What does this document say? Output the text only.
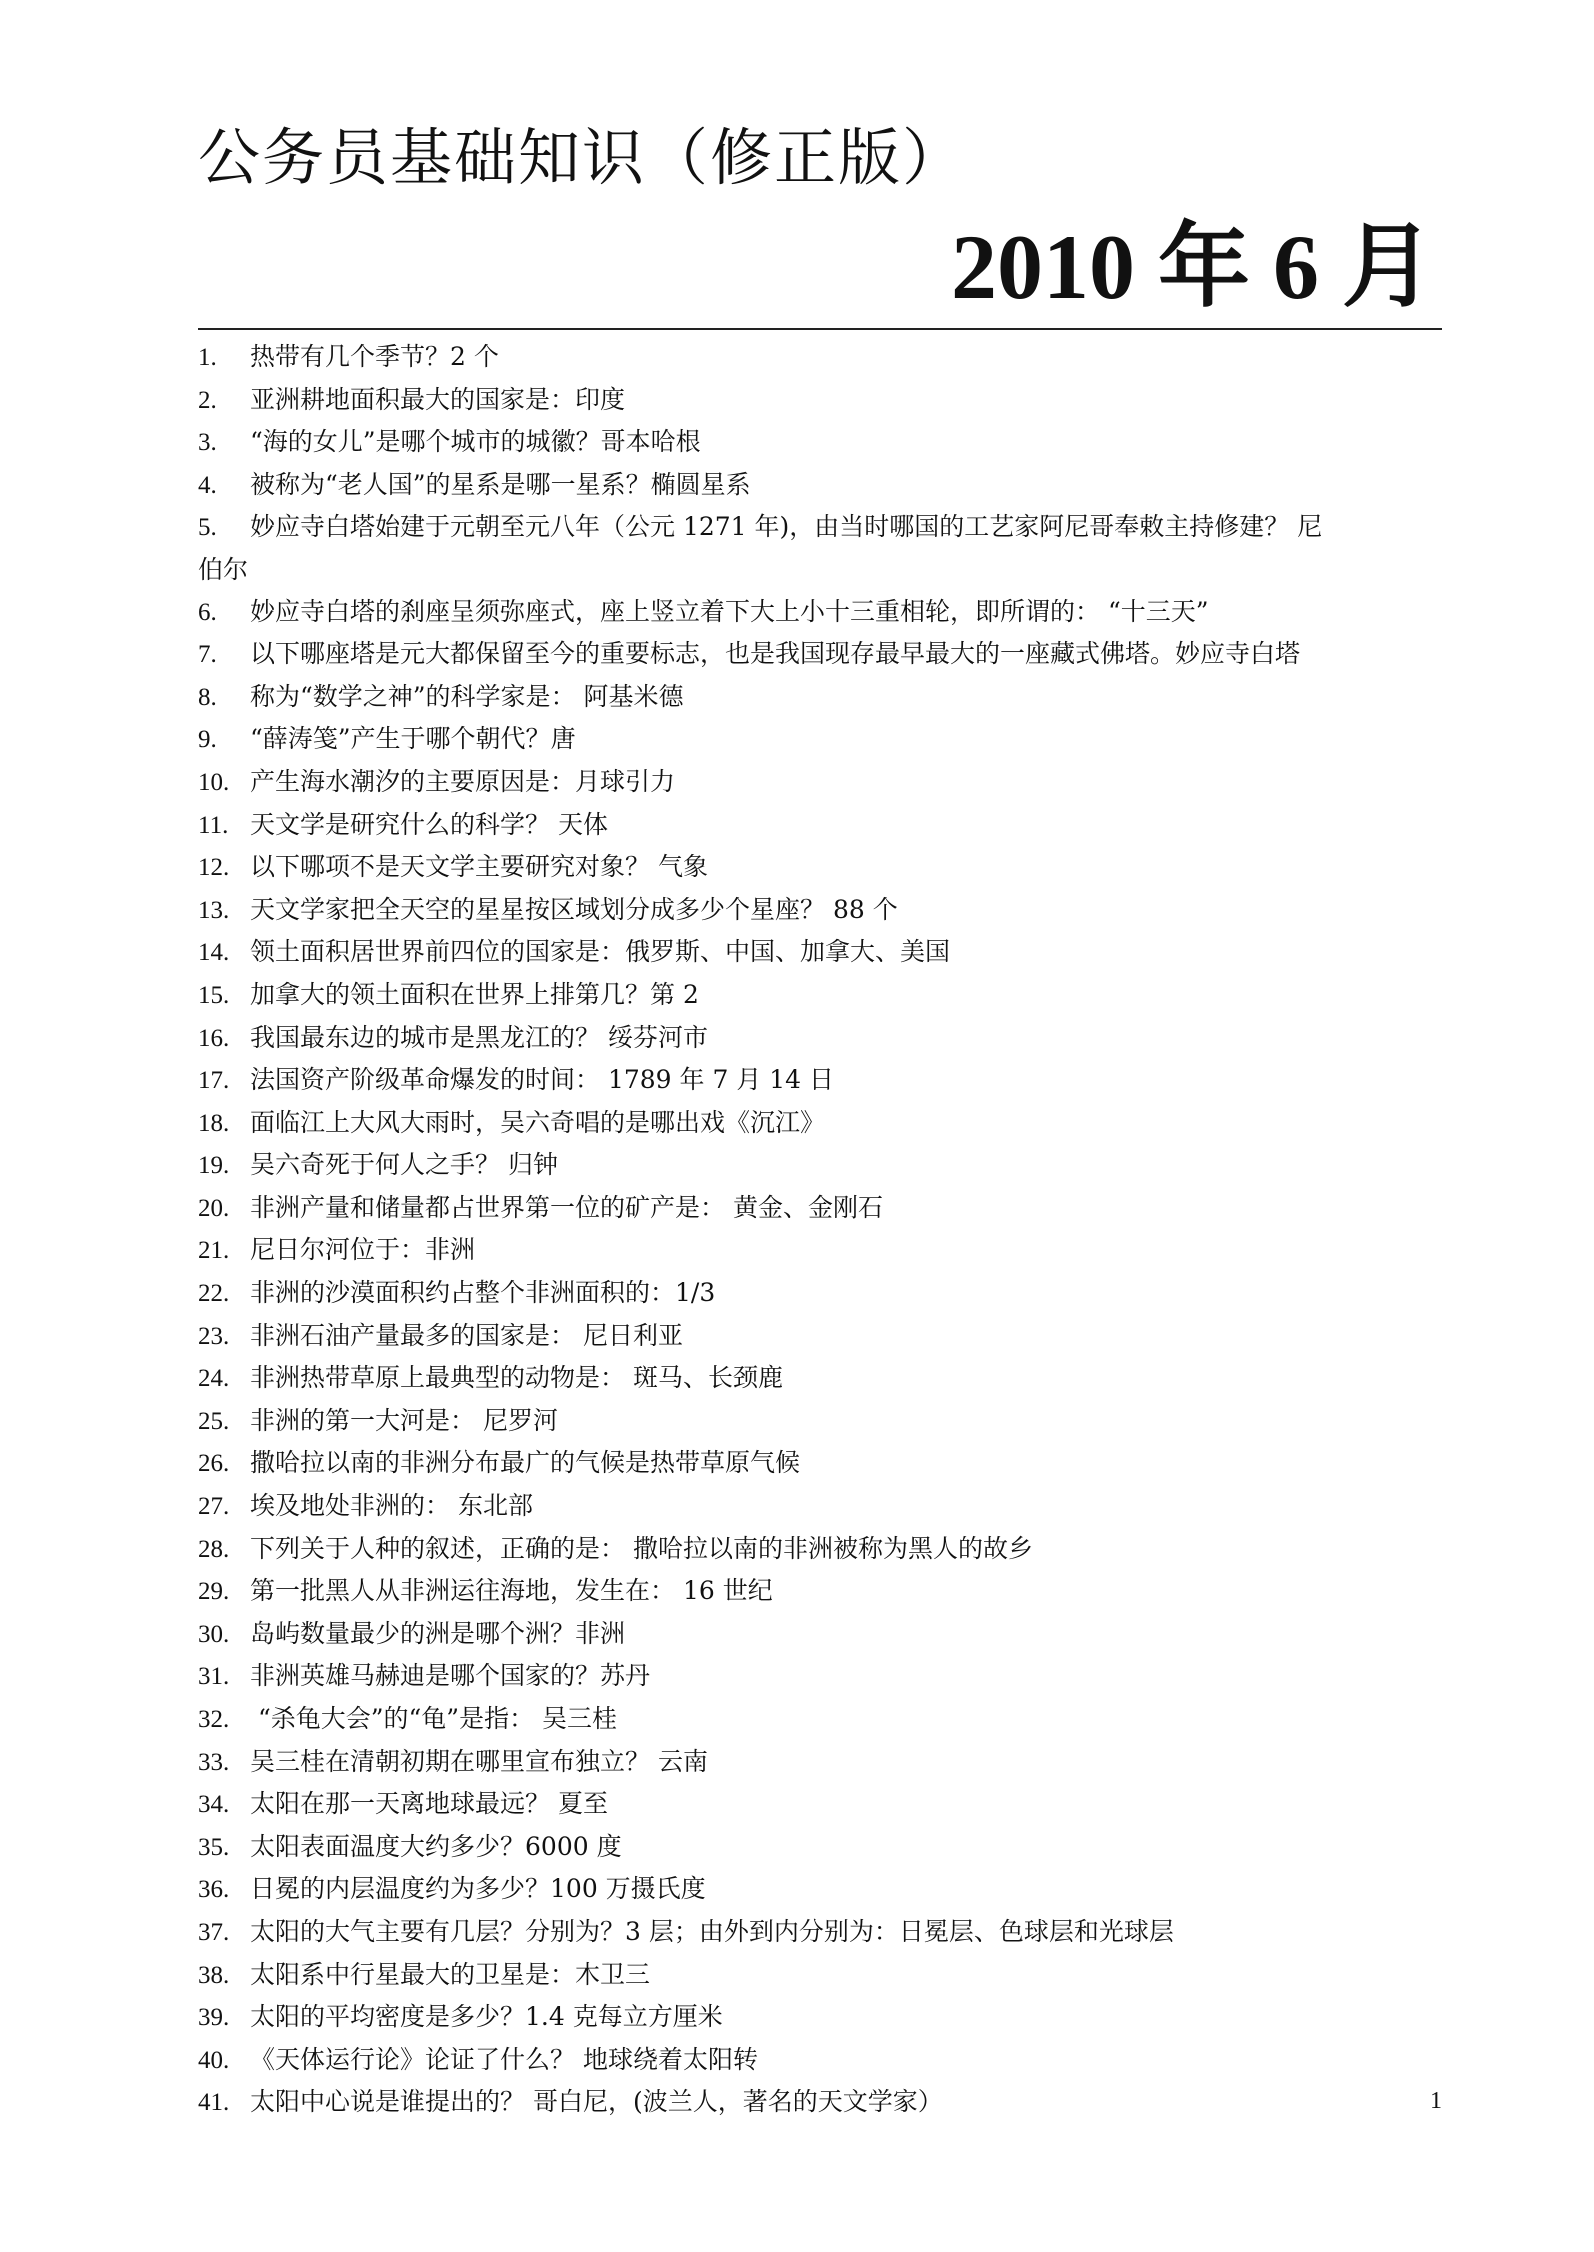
公务员基础知识（修正版）
2010 年 6 月
1. 热带有几个季节？2 个
2. 亚洲耕地面积最大的国家是：印度
3. “海的女儿”是哪个城市的城徽？哥本哈根
4. 被称为“老人国”的星系是哪一星系？椭圆星系
5. 妙应寺白塔始建于元朝至元八年（公元 1271 年)，由当时哪国的工艺家阿尼哥奉敕主持修建？ 尼
伯尔
6. 妙应寺白塔的刹座呈须弥座式，座上竖立着下大上小十三重相轮，即所谓的： “十三天”
7. 以下哪座塔是元大都保留至今的重要标志，也是我国现存最早最大的一座藏式佛塔。妙应寺白塔
8. 称为“数学之神”的科学家是： 阿基米德
9. “薛涛笺”产生于哪个朝代？唐
10. 产生海水潮汐的主要原因是：月球引力
11. 天文学是研究什么的科学？ 天体
12. 以下哪项不是天文学主要研究对象？ 气象
13. 天文学家把全天空的星星按区域划分成多少个星座？ 88 个
14. 领土面积居世界前四位的国家是：俄罗斯、中国、加拿大、美国
15. 加拿大的领土面积在世界上排第几？第 2
16. 我国最东边的城市是黑龙江的？ 绥芬河市
17. 法国资产阶级革命爆发的时间： 1789 年 7 月 14 日
18. 面临江上大风大雨时，吴六奇唱的是哪出戏《沉江》
19. 吴六奇死于何人之手？ 归钟
20. 非洲产量和储量都占世界第一位的矿产是： 黄金、金刚石
21. 尼日尔河位于：非洲
22. 非洲的沙漠面积约占整个非洲面积的：1/3
23. 非洲石油产量最多的国家是： 尼日利亚
24. 非洲热带草原上最典型的动物是： 斑马、长颈鹿
25. 非洲的第一大河是： 尼罗河
26. 撒哈拉以南的非洲分布最广的气候是热带草原气候
27. 埃及地处非洲的： 东北部
28. 下列关于人种的叙述，正确的是： 撒哈拉以南的非洲被称为黑人的故乡
29. 第一批黑人从非洲运往海地，发生在： 16 世纪
30. 岛屿数量最少的洲是哪个洲？非洲
31. 非洲英雄马赫迪是哪个国家的？苏丹
32. “杀龟大会”的“龟”是指： 吴三桂
33. 吴三桂在清朝初期在哪里宣布独立？ 云南
34. 太阳在那一天离地球最远？ 夏至
35. 太阳表面温度大约多少？6000 度
36. 日冕的内层温度约为多少？100 万摄氏度
37. 太阳的大气主要有几层？分别为？3 层；由外到内分别为：日冕层、色球层和光球层
38. 太阳系中行星最大的卫星是：木卫三
39. 太阳的平均密度是多少？1.4 克每立方厘米
40. 《天体运行论》论证了什么？ 地球绕着太阳转
41. 太阳中心说是谁提出的？ 哥白尼，(波兰人，著名的天文学家）	1
